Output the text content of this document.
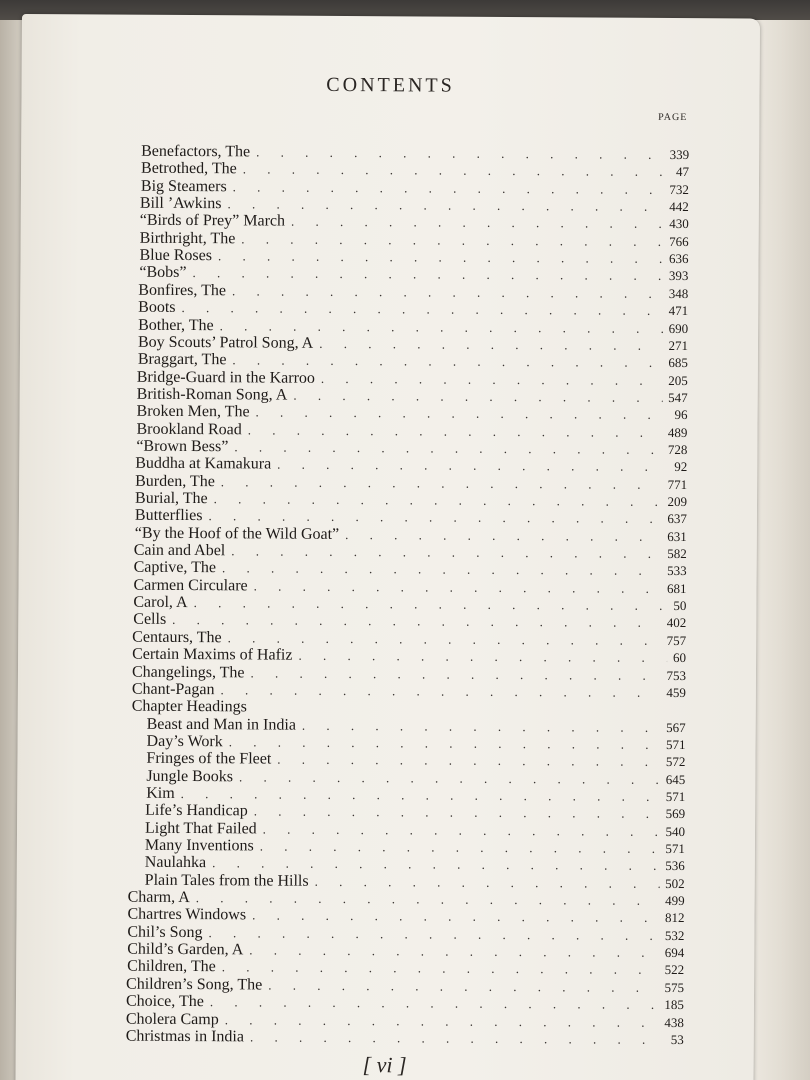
CONTENTS
PAGE
Benefactors, The . . .	339
Betrothed, The . . .	47
Big Steamers . . .	732
Bill ’Awkins . . .	442
“Birds of Prey” March . . .	430
Birthright, The . . .	766
Blue Roses . . .	636
“Bobs” . . .	393
Bonfires, The . . .	348
Boots . . .	471
Bother, The . . .	690
Boy Scouts’ Patrol Song, A . . .	271
Braggart, The . . .	685
Bridge-Guard in the Karroo . . .	205
British-Roman Song, A . . .	547
Broken Men, The . . .	96
Brookland Road . . .	489
“Brown Bess” . . .	728
Buddha at Kamakura . . .	92
Burden, The . . .	771
Burial, The . . .	209
Butterflies . . .	637
“By the Hoof of the Wild Goat” . . .	631
Cain and Abel . . .	582
Captive, The . . .	533
Carmen Circulare . . .	681
Carol, A . . .	50
Cells . . .	402
Centaurs, The . . .	757
Certain Maxims of Hafiz . . .	60
Changelings, The . . .	753
Chant-Pagan . . .	459
Chapter Headings
Beast and Man in India . . .	567
Day’s Work . . .	571
Fringes of the Fleet . . .	572
Jungle Books . . .	645
Kim . . .	571
Life’s Handicap . . .	569
Light That Failed . . .	540
Many Inventions . . .	571
Naulahka . . .	536
Plain Tales from the Hills . . .	502
Charm, A . . .	499
Chartres Windows . . .	812
Chil’s Song . . .	532
Child’s Garden, A . . .	694
Children, The . . .	522
Children’s Song, The . . .	575
Choice, The . . .	185
Cholera Camp . . .	438
Christmas in India . . .	53
[ vi ]
